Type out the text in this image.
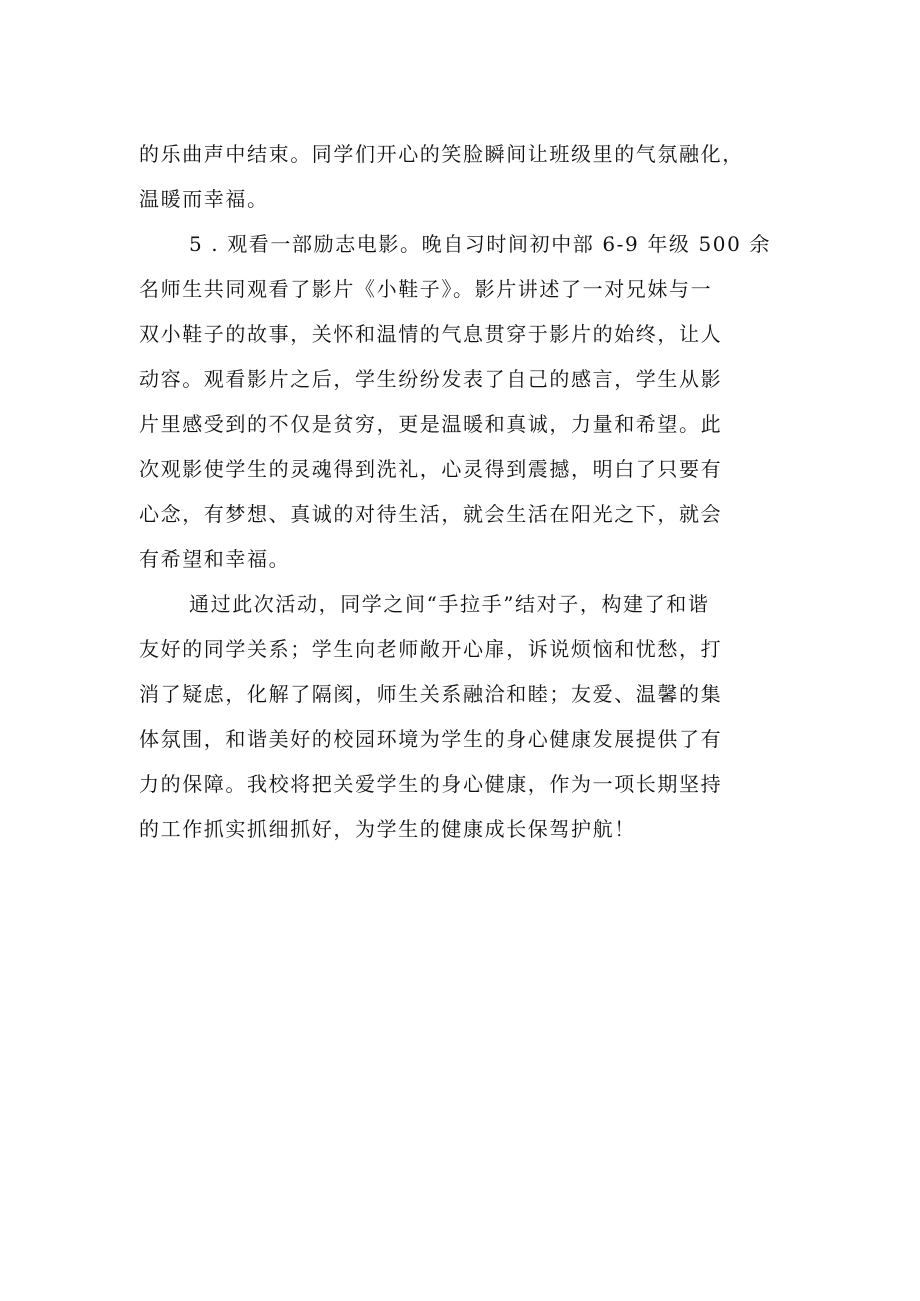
的乐曲声中结束。同学们开心的笑脸瞬间让班级里的气氛融化，
温暖而幸福。
5 . 观看一部励志电影。晚自习时间初中部 6-9 年级 500 余
名师生共同观看了影片《小鞋子》。影片讲述了一对兄妹与一
双小鞋子的故事，关怀和温情的气息贯穿于影片的始终，让人
动容。观看影片之后，学生纷纷发表了自己的感言，学生从影
片里感受到的不仅是贫穷，更是温暖和真诚，力量和希望。此
次观影使学生的灵魂得到洗礼，心灵得到震撼，明白了只要有
心念，有梦想、真诚的对待生活，就会生活在阳光之下，就会
有希望和幸福。
通过此次活动，同学之间“手拉手”结对子，构建了和谐
友好的同学关系；学生向老师敞开心扉，诉说烦恼和忧愁，打
消了疑虑，化解了隔阂，师生关系融洽和睦；友爱、温馨的集
体氛围，和谐美好的校园环境为学生的身心健康发展提供了有
力的保障。我校将把关爱学生的身心健康，作为一项长期坚持
的工作抓实抓细抓好，为学生的健康成长保驾护航！
